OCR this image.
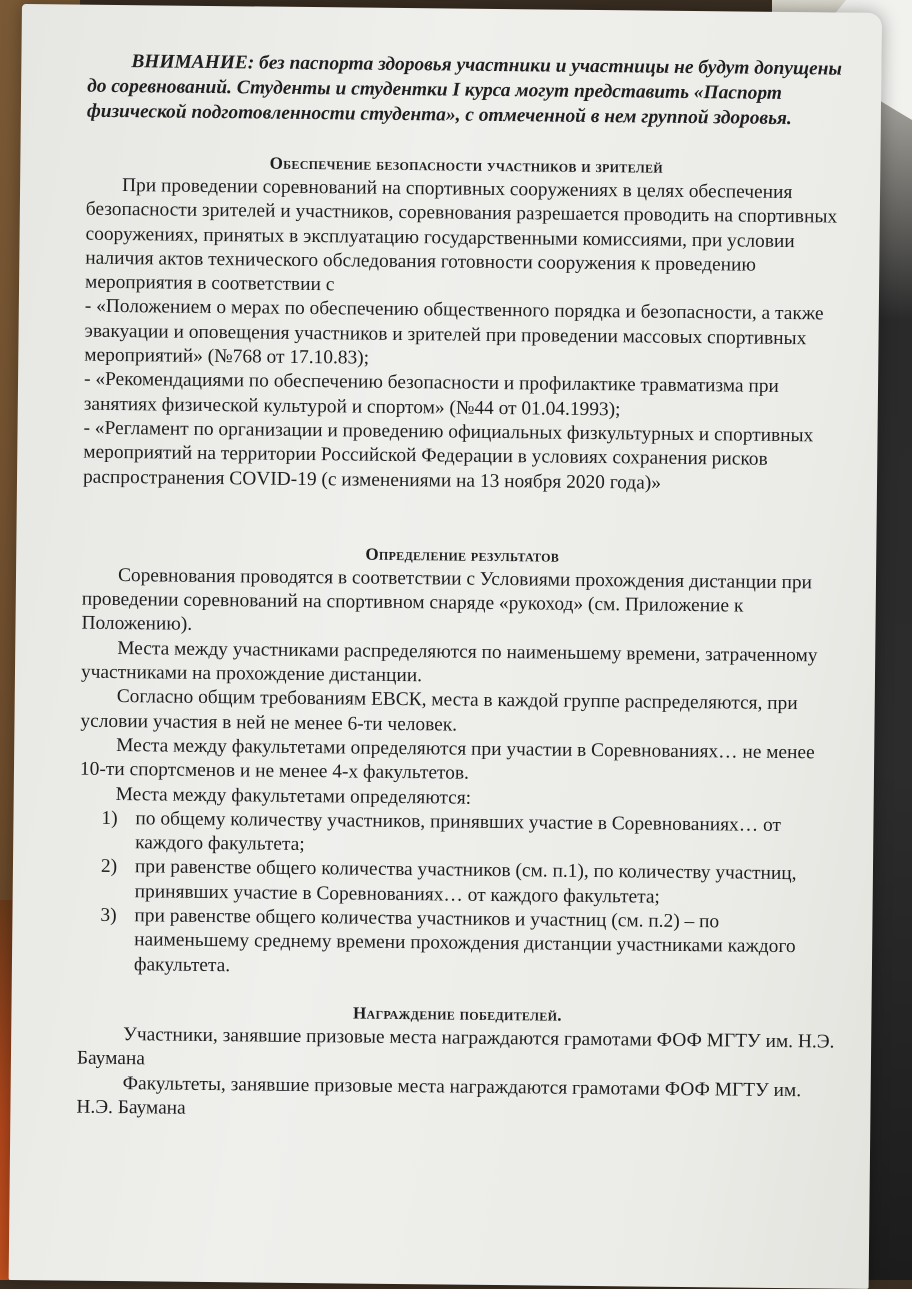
ВНИМАНИЕ: без паспорта здоровья участники и участницы не будут допущены до соревнований. Студенты и студентки I курса могут представить «Паспорт физической подготовленности студента», с отмеченной в нем группой здоровья.

Обеспечение безопасности участников и зрителей

При проведении соревнований на спортивных сооружениях в целях обеспечения безопасности зрителей и участников, соревнования разрешается проводить на спортивных сооружениях, принятых в эксплуатацию государственными комиссиями, при условии наличия актов технического обследования готовности сооружения к проведению мероприятия в соответствии с

- «Положением о мерах по обеспечению общественного порядка и безопасности, а также эвакуации и оповещения участников и зрителей при проведении массовых спортивных мероприятий» (№768 от 17.10.83);

- «Рекомендациями по обеспечению безопасности и профилактике травматизма при занятиях физической культурой и спортом» (№44 от 01.04.1993);

- «Регламент по организации и проведению официальных физкультурных и спортивных мероприятий на территории Российской Федерации в условиях сохранения рисков распространения COVID-19 (с изменениями на 13 ноября 2020 года)»

Определение результатов

Соревнования проводятся в соответствии с Условиями прохождения дистанции при проведении соревнований на спортивном снаряде «рукоход» (см. Приложение к Положению).

Места между участниками распределяются по наименьшему времени, затраченному участниками на прохождение дистанции.

Согласно общим требованиям ЕВСК, места в каждой группе распределяются, при условии участия в ней не менее 6-ти человек.

Места между факультетами определяются при участии в Соревнованиях… не менее 10-ти спортсменов и не менее 4-х факультетов.

Места между факультетами определяются:

1) по общему количеству участников, принявших участие в Соревнованиях… от каждого факультета;
2) при равенстве общего количества участников (см. п.1), по количеству участниц, принявших участие в Соревнованиях… от каждого факультета;
3) при равенстве общего количества участников и участниц (см. п.2) – по наименьшему среднему времени прохождения дистанции участниками каждого факультета.
Награждение победителей.

Участники, занявшие призовые места награждаются грамотами ФОФ МГТУ им. Н.Э. Баумана

Факультеты, занявшие призовые места награждаются грамотами ФОФ МГТУ им. Н.Э. Баумана
